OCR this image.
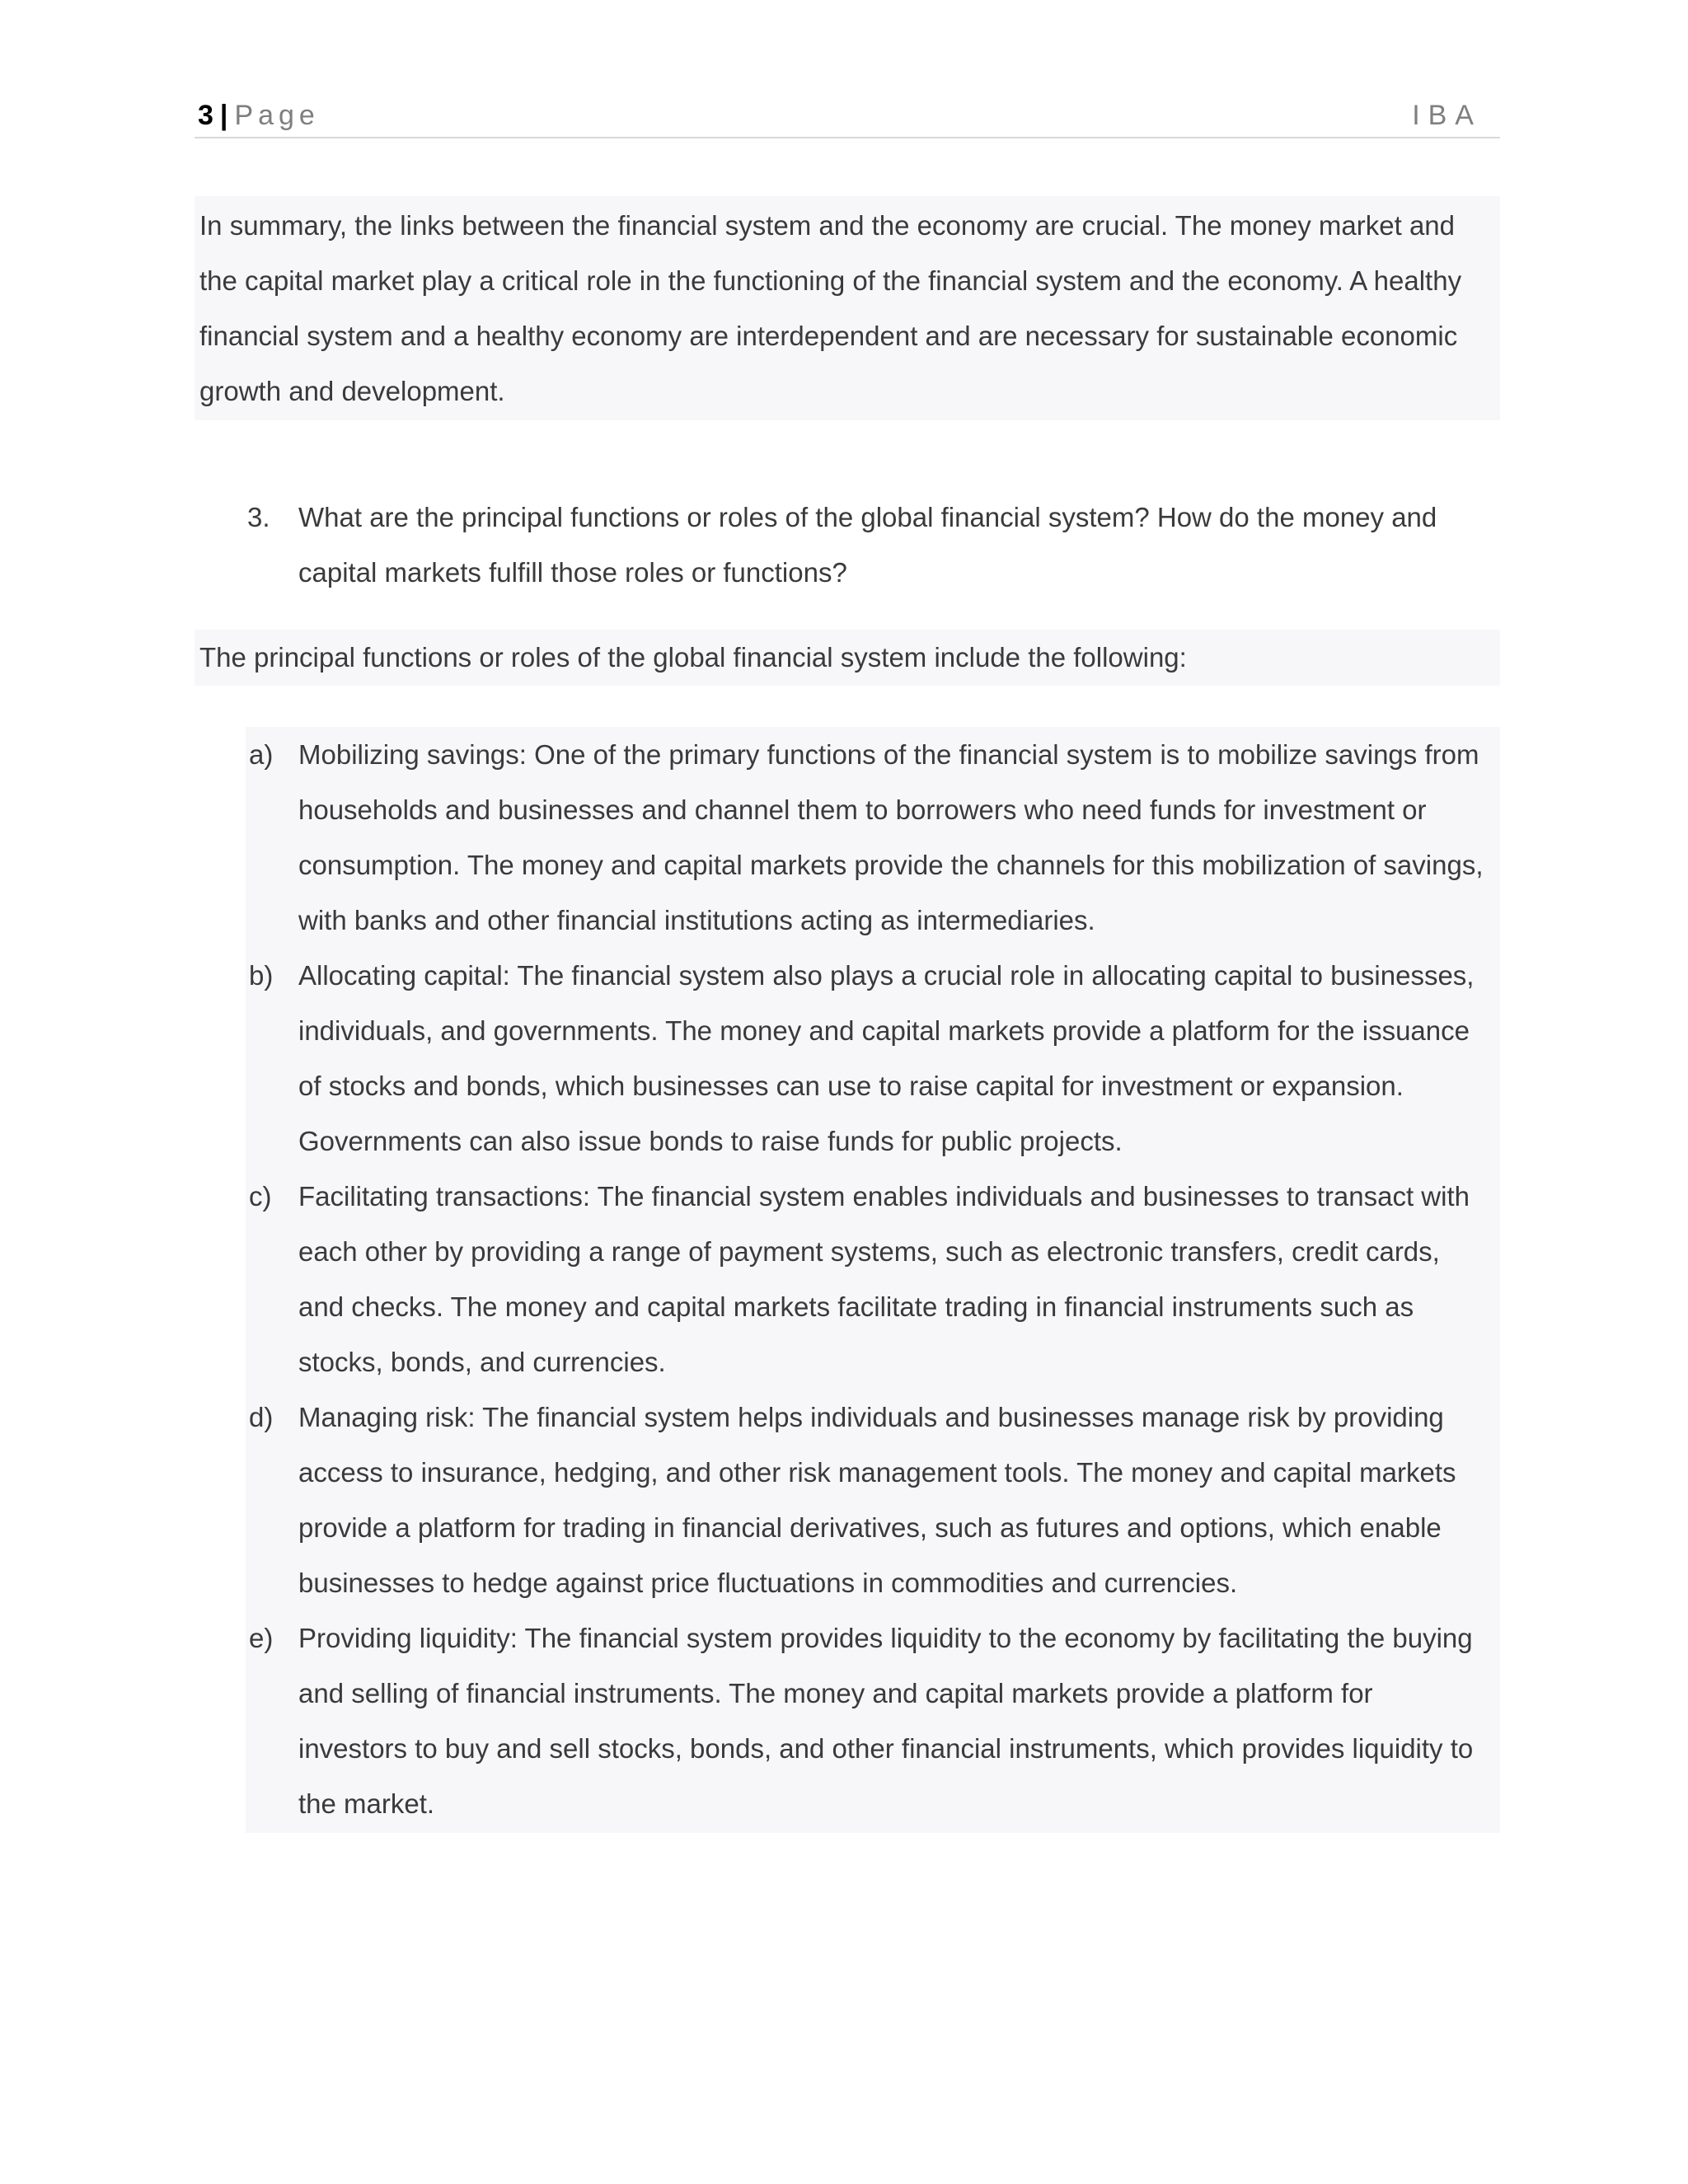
3 | Page	IBA
In summary, the links between the financial system and the economy are crucial. The money market and the capital market play a critical role in the functioning of the financial system and the economy. A healthy financial system and a healthy economy are interdependent and are necessary for sustainable economic growth and development.
3. What are the principal functions or roles of the global financial system? How do the money and capital markets fulfill those roles or functions?
The principal functions or roles of the global financial system include the following:
a) Mobilizing savings: One of the primary functions of the financial system is to mobilize savings from households and businesses and channel them to borrowers who need funds for investment or consumption. The money and capital markets provide the channels for this mobilization of savings, with banks and other financial institutions acting as intermediaries.
b) Allocating capital: The financial system also plays a crucial role in allocating capital to businesses, individuals, and governments. The money and capital markets provide a platform for the issuance of stocks and bonds, which businesses can use to raise capital for investment or expansion. Governments can also issue bonds to raise funds for public projects.
c) Facilitating transactions: The financial system enables individuals and businesses to transact with each other by providing a range of payment systems, such as electronic transfers, credit cards, and checks. The money and capital markets facilitate trading in financial instruments such as stocks, bonds, and currencies.
d) Managing risk: The financial system helps individuals and businesses manage risk by providing access to insurance, hedging, and other risk management tools. The money and capital markets provide a platform for trading in financial derivatives, such as futures and options, which enable businesses to hedge against price fluctuations in commodities and currencies.
e) Providing liquidity: The financial system provides liquidity to the economy by facilitating the buying and selling of financial instruments. The money and capital markets provide a platform for investors to buy and sell stocks, bonds, and other financial instruments, which provides liquidity to the market.
